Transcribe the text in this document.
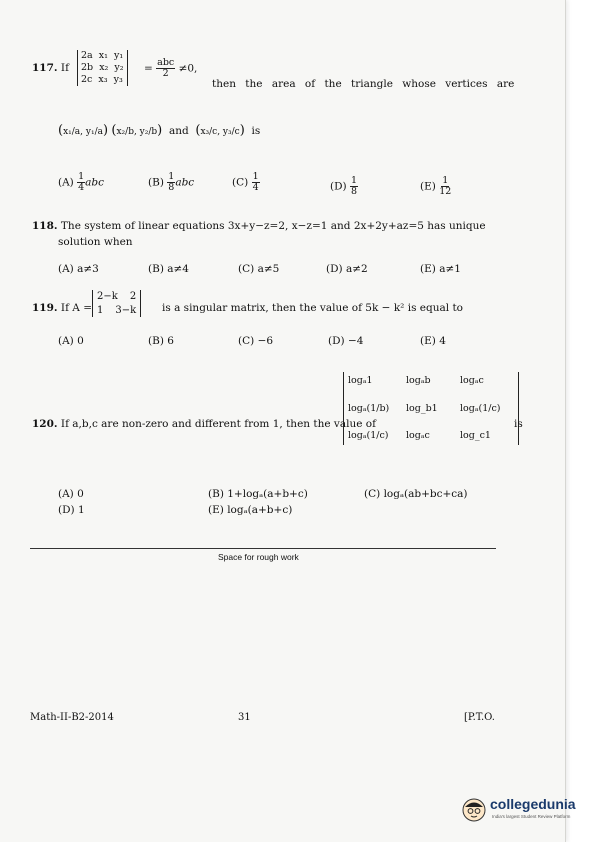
117. If
2a x₁ y₁
2b x₂ y₂
2c x₃ y₃
= $\frac{\text{abc}}{2} \ne 0$,
then the area of the triangle whose vertices are
(x₁/a, y₁/a) (x₂/b, y₂/b) and (x₃/c, y₃/c) is
$(A) \frac{1}{4}$ abc	$(B) \frac{1}{8}$ abc	$(C) \frac{1}{4}$	$(D) \frac{1}{8}$	$(E) \frac{1}{12}$
118. The system of linear equations 3x+y−z=2, x−z=1 and 2x+2y+az=5 has unique
solution when
(A) a≠3	(B) a≠4	(C) a≠5	(D) a≠2	(E) a≠1
119. If A =
2−k 2
1 3−k is a singular matrix, then the value of 5k − k² is equal to
(A) 0	(B) 6	(C) −6	(D) −4	(E) 4
120. If a,b,c are non-zero and different from 1, then the value of
logₐ1	logₐb	logₐc
logₐ(1/b)	log_b1	logₐ(1/c)
logₐ(1/c)	logₐc	log_c1
is
(A) 0	(B) 1+logₐ(a+b+c)	(C) logₐ(ab+bc+ca)
(D) 1	(E) logₐ(a+b+c)
Space for rough work
Math-II-B2-2014	31	[P.T.O.
collegedunia
India's largest Student Review Platform
